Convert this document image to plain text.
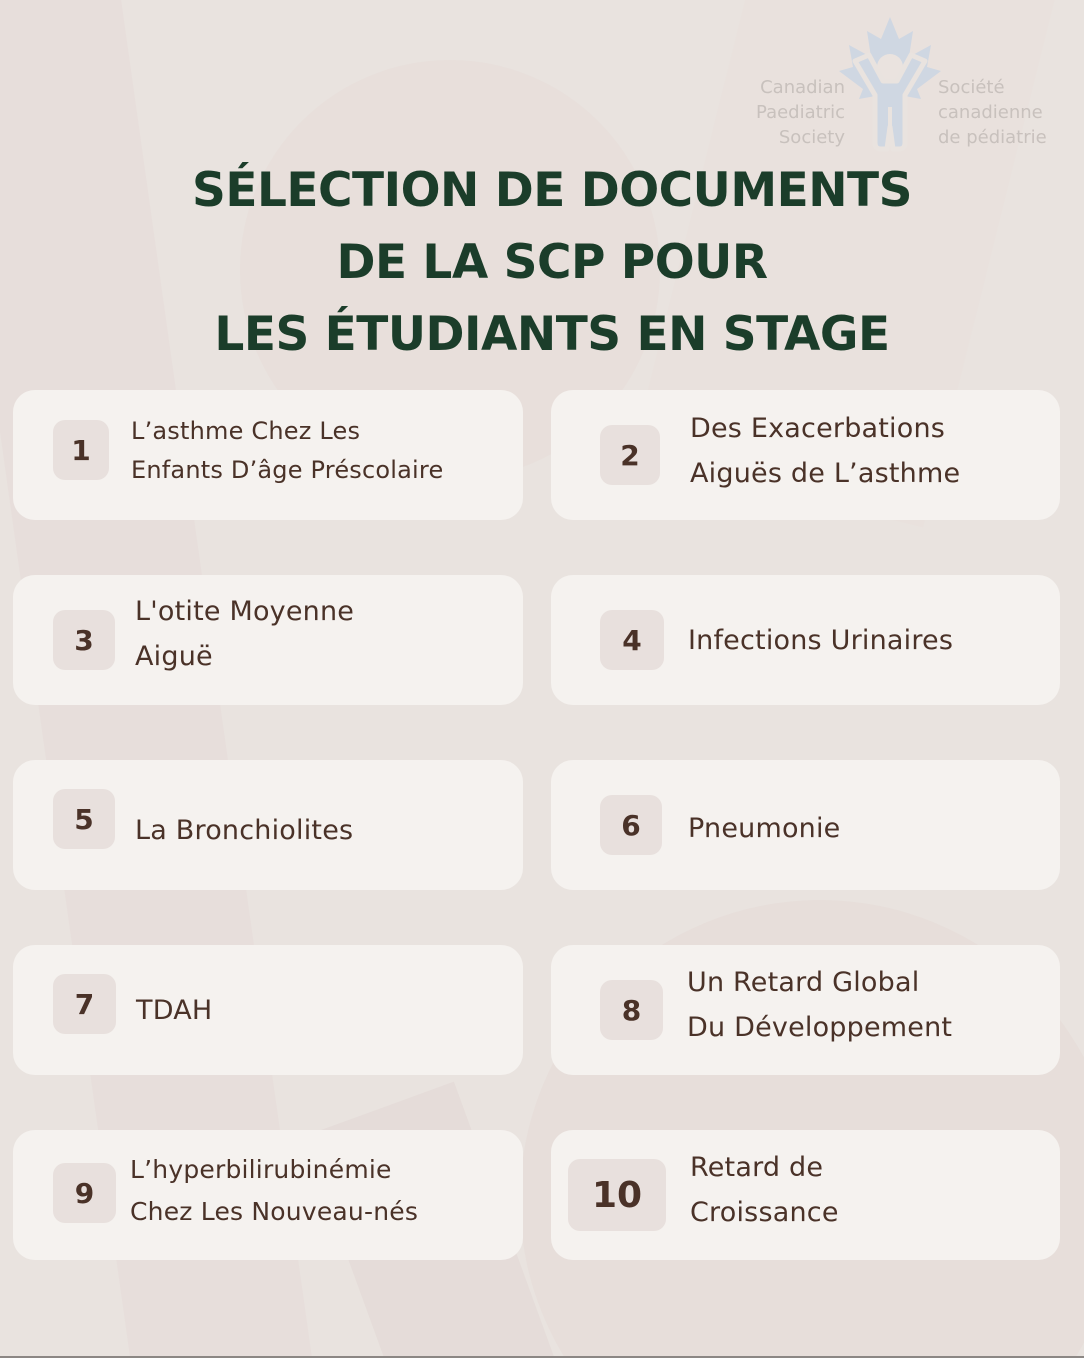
Canadian
Paediatric
Society
Société
canadienne
de pédiatrie
SÉLECTION DE DOCUMENTS
DE LA SCP POUR
LES ÉTUDIANTS EN STAGE
1
L’asthme Chez Les
Enfants D’âge Préscolaire	2
Des Exacerbations
Aiguës de L’asthme
3
L'otite Moyenne
Aiguë	4	Infections Urinaires
5	La Bronchiolites	6	Pneumonie
7	TDAH	8
Un Retard Global
Du Développement
9
L’hyperbilirubinémie
Chez Les Nouveau-nés	10
Retard de
Croissance
